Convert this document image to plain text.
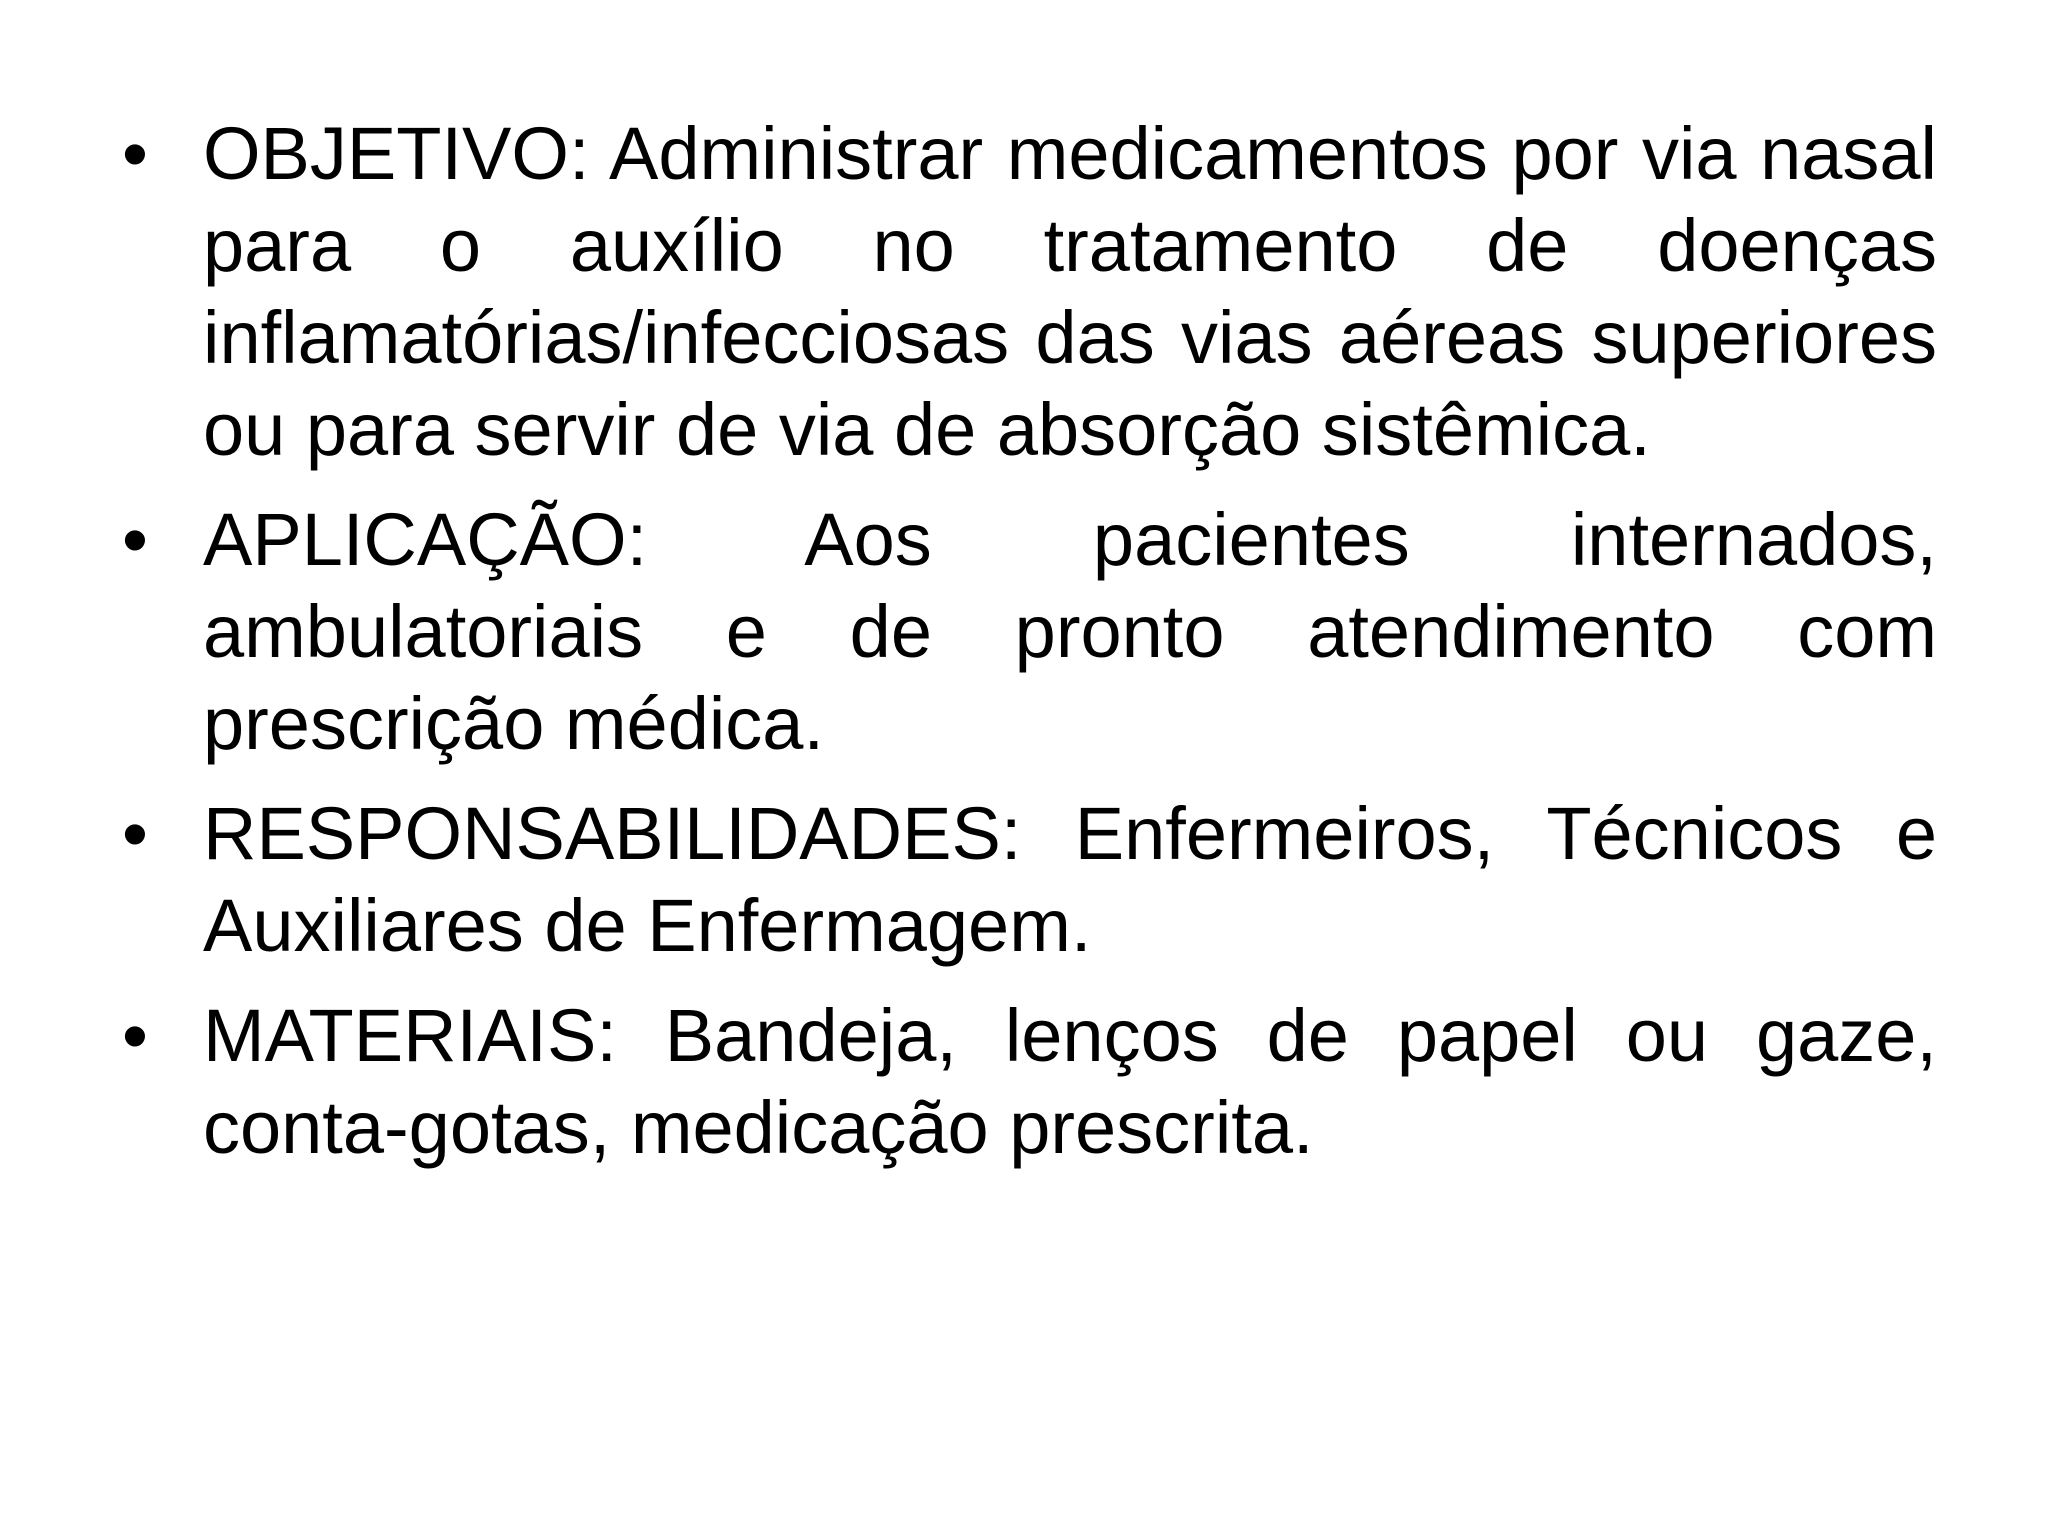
• OBJETIVO: Administrar medicamentos por via nasal para o auxílio no tratamento de doenças inflamatórias/infecciosas das vias aéreas superiores ou para servir de via de absorção sistêmica.
• APLICAÇÃO: Aos pacientes internados, ambulatoriais e de pronto atendimento com prescrição médica.
• RESPONSABILIDADES: Enfermeiros, Técnicos e Auxiliares de Enfermagem.
• MATERIAIS: Bandeja, lenços de papel ou gaze, conta-gotas, medicação prescrita.
